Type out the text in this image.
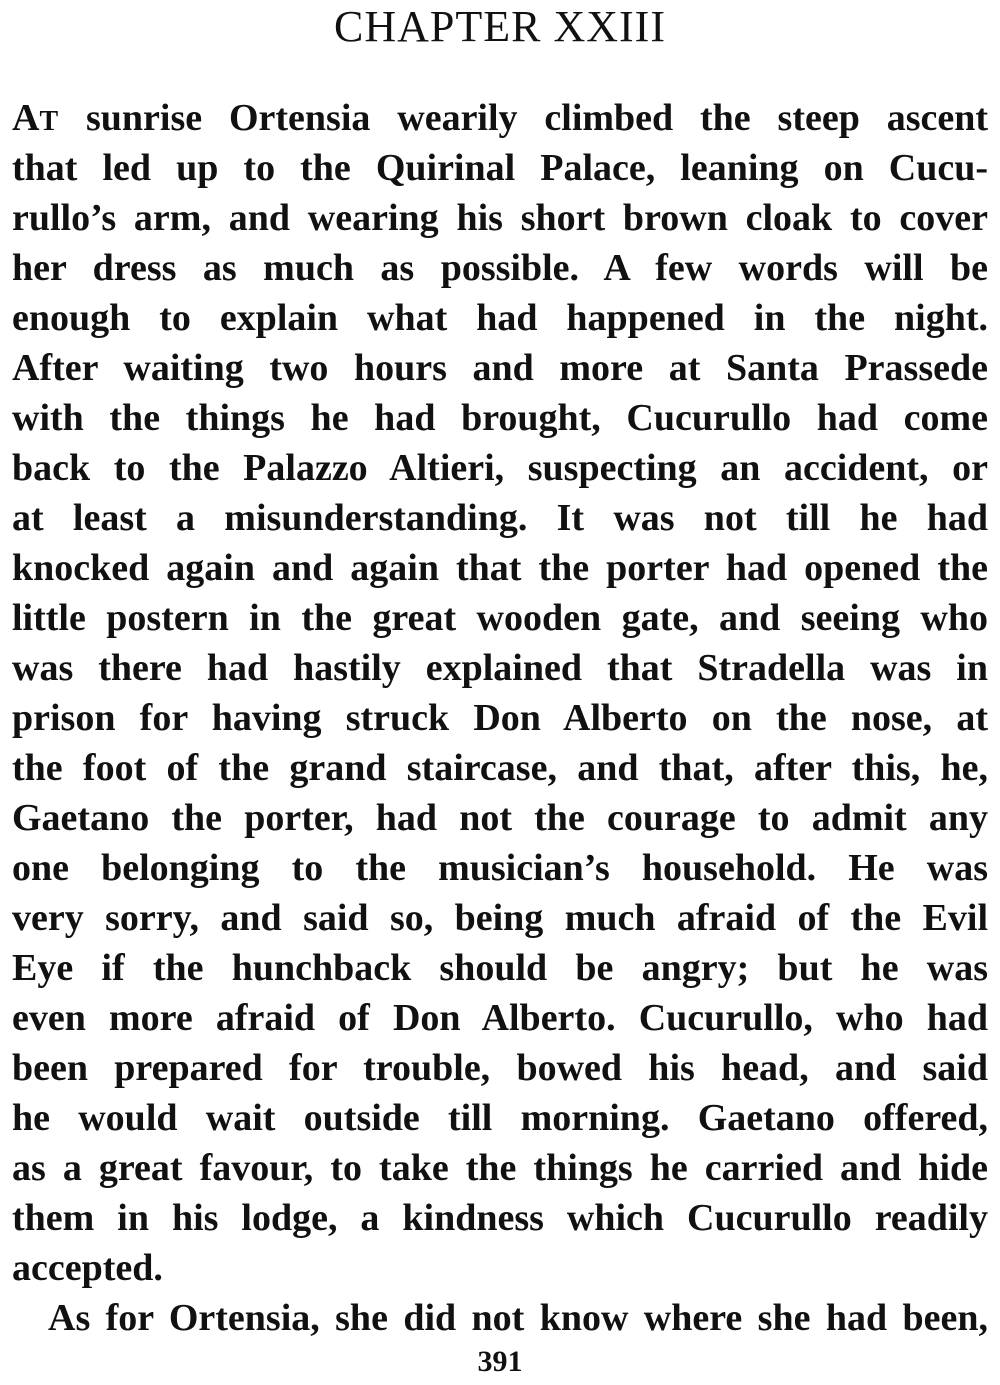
CHAPTER XXIII
AT sunrise Ortensia wearily climbed the steep ascent
that led up to the Quirinal Palace, leaning on Cucu-
rullo’s arm, and wearing his short brown cloak to cover
her dress as much as possible. A few words will be
enough to explain what had happened in the night.
After waiting two hours and more at Santa Prassede
with the things he had brought, Cucurullo had come
back to the Palazzo Altieri, suspecting an accident, or
at least a misunderstanding. It was not till he had
knocked again and again that the porter had opened the
little postern in the great wooden gate, and seeing who
was there had hastily explained that Stradella was in
prison for having struck Don Alberto on the nose, at
the foot of the grand staircase, and that, after this, he,
Gaetano the porter, had not the courage to admit any
one belonging to the musician’s household. He was
very sorry, and said so, being much afraid of the Evil
Eye if the hunchback should be angry; but he was
even more afraid of Don Alberto. Cucurullo, who had
been prepared for trouble, bowed his head, and said
he would wait outside till morning. Gaetano offered,
as a great favour, to take the things he carried and hide
them in his lodge, a kindness which Cucurullo readily
accepted.
As for Ortensia, she did not know where she had been,
391
